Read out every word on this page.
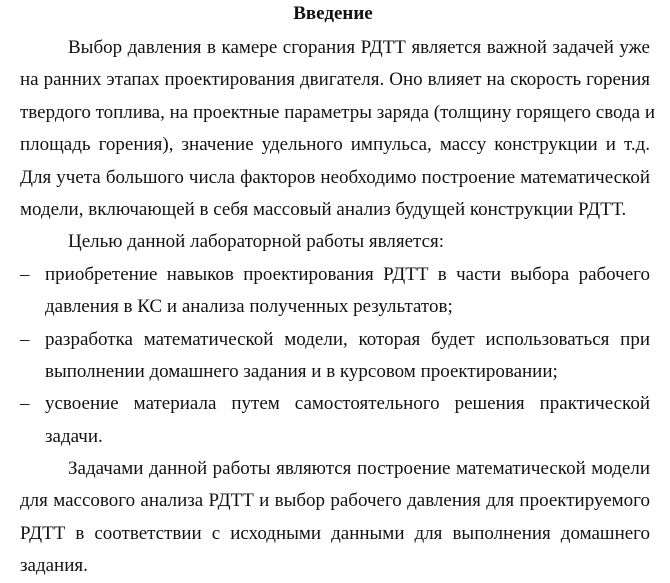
Введение
Выбор давления в камере сгорания РДТТ является важной задачей уже
на ранних этапах проектирования двигателя. Оно влияет на скорость горения
твердого топлива, на проектные параметры заряда (толщину горящего свода и
площадь горения), значение удельного импульса, массу конструкции и т.д.
Для учета большого числа факторов необходимо построение математической
модели, включающей в себя массовый анализ будущей конструкции РДТТ.
Целью данной лабораторной работы является:
– приобретение навыков проектирования РДТТ в части выбора рабочего
давления в КС и анализа полученных результатов;
– разработка математической модели, которая будет использоваться при
выполнении домашнего задания и в курсовом проектировании;
– усвоение материала путем самостоятельного решения практической
задачи.
Задачами данной работы являются построение математической модели
для массового анализа РДТТ и выбор рабочего давления для проектируемого
РДТТ в соответствии с исходными данными для выполнения домашнего
задания.
